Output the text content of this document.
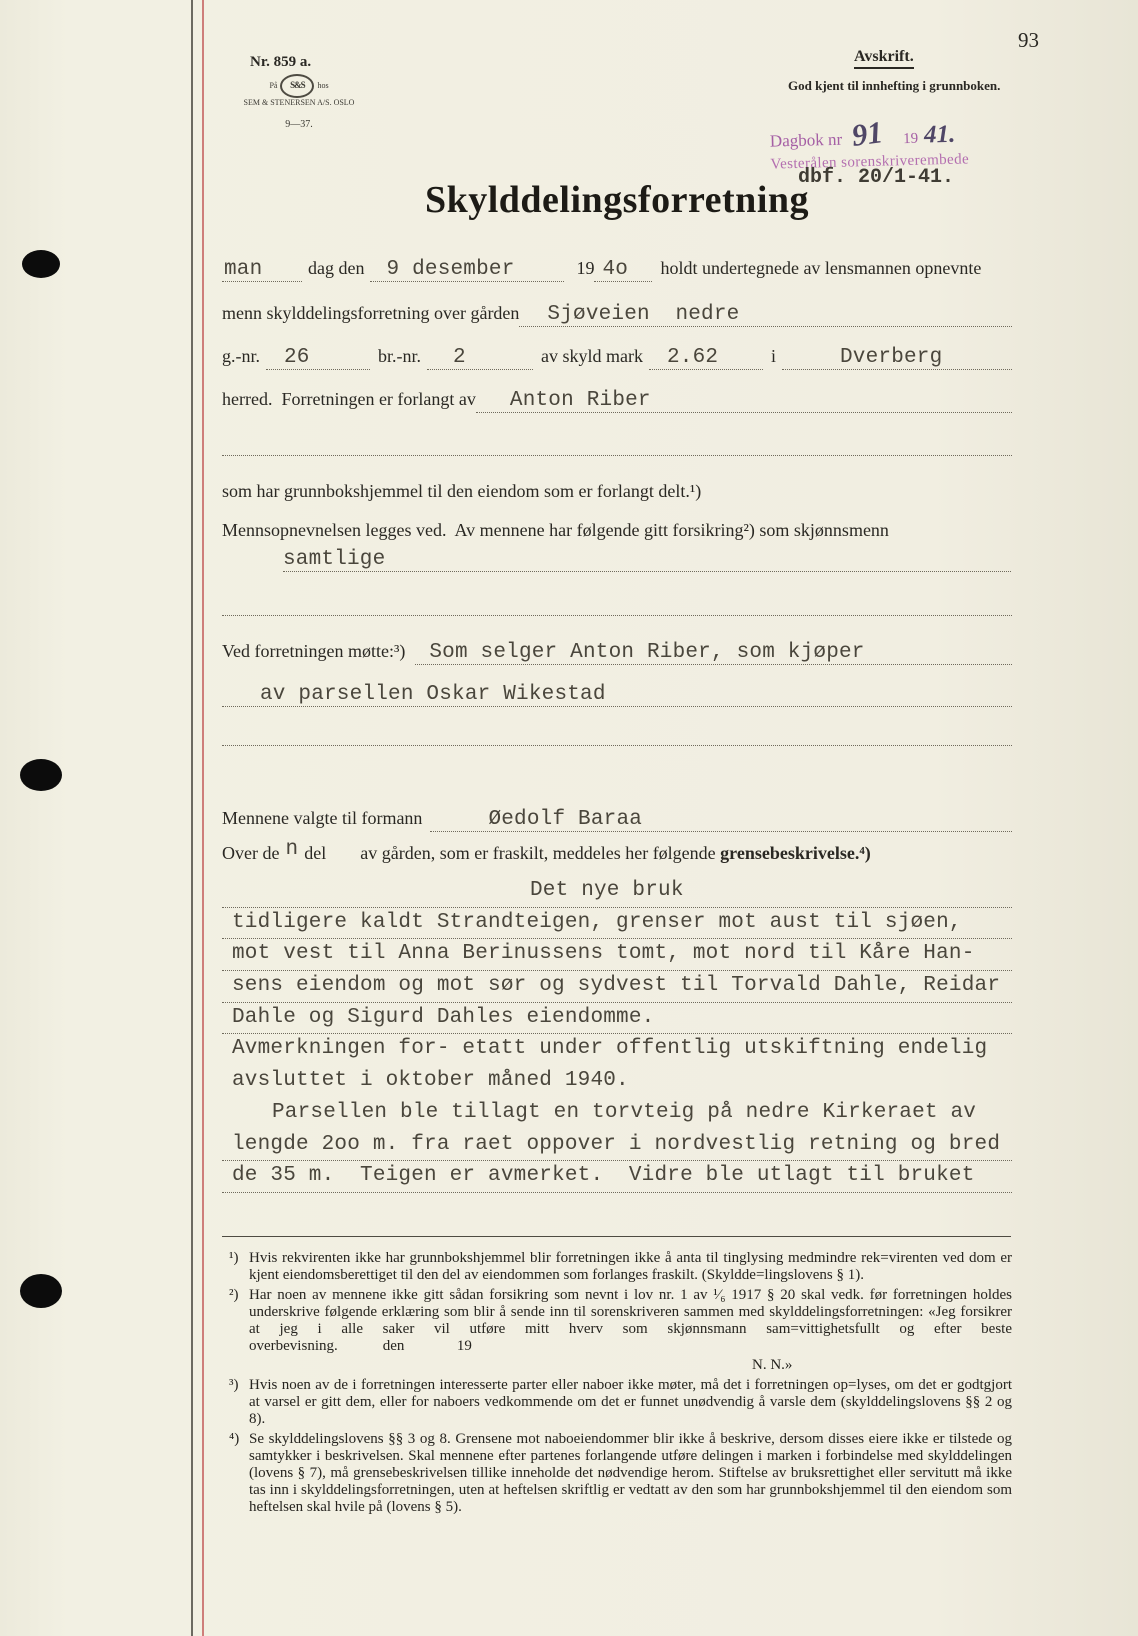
93
Nr. 859 a.
På S&S	hos
SEM & STENERSEN A/S. OSLO
9—37.
Avskrift.
God kjent til innhefting i grunnboken.
Dagbok nr 91 19 41.
Vesterålen sorenskriverembede
dbf. 20/1-41.
Skylddelingsforretning
man	dag den	9 desember	19 4o	holdt undertegnede av lensmannen opnevnte
menn skylddelingsforretning over gården	Sjøveien  nedre
g.-nr.	26	br.-nr.	2	av skyld mark	2.62	i	Dverberg
herred.  Forretningen er forlangt av	Anton Riber
som har grunnbokshjemmel til den eiendom som er forlangt delt.¹)
Mennsopnevnelsen legges ved.  Av mennene har følgende gitt forsikring²) som skjønnsmenn
samtlige
Ved forretningen møtte:³)	Som selger Anton Riber, som kjøper
av parsellen Oskar Wikestad
Mennene valgte til formann	Øedolf Baraa
Over de n del av gården, som er fraskilt, meddeles her følgende grensebeskrivelse.⁴)
Det nye bruk
tidligere kaldt Strandteigen, grenser mot aust til sjøen,
mot vest til Anna Berinussens tomt, mot nord til Kåre Han-
sens eiendom og mot sør og sydvest til Torvald Dahle, Reidar
Dahle og Sigurd Dahles eiendomme.
Avmerkningen for- etatt under offentlig utskiftning endelig
avsluttet i oktober måned 1940.
Parsellen ble tillagt en torvteig på nedre Kirkeraet av
lengde 2oo m. fra raet oppover i nordvestlig retning og bred
de 35 m.  Teigen er avmerket.  Vidre ble utlagt til bruket
¹) Hvis rekvirenten ikke har grunnbokshjemmel blir forretningen ikke å anta til tinglysing medmindre rek=virenten ved dom er kjent eiendomsberettiget til den del av eiendommen som forlanges fraskilt. (Skyldde=lingslovens § 1).
²) Har noen av mennene ikke gitt sådan forsikring som nevnt i lov nr. 1 av ¹⁄₆ 1917 § 20 skal vedk. før forretningen holdes underskrive følgende erklæring som blir å sende inn til sorenskriveren sammen med skylddelingsforretningen: «Jeg forsikrer at jeg i alle saker vil utføre mitt hverv som skjønnsmann sam=vittighetsfullt og efter beste overbevisning.            den              19
N. N.»
³) Hvis noen av de i forretningen interesserte parter eller naboer ikke møter, må det i forretningen op=lyses, om det er godtgjort at varsel er gitt dem, eller for naboers vedkommende om det er funnet unødvendig å varsle dem (skylddelingslovens §§ 2 og 8).
⁴) Se skylddelingslovens §§ 3 og 8. Grensene mot naboeiendommer blir ikke å beskrive, dersom disses eiere ikke er tilstede og samtykker i beskrivelsen. Skal mennene efter partenes forlangende utføre delingen i marken i forbindelse med skylddelingen (lovens § 7), må grensebeskrivelsen tillike inneholde det nødvendige herom. Stiftelse av bruksrettighet eller servitutt må ikke tas inn i skylddelingsforretningen, uten at heftelsen skriftlig er vedtatt av den som har grunnbokshjemmel til den eiendom som heftelsen skal hvile på (lovens § 5).
